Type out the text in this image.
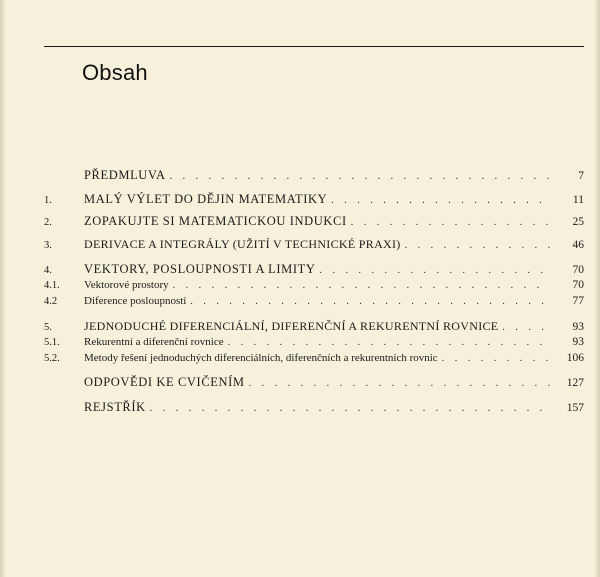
Obsah
PŘEDMLUVA . . .	7
1.	MALÝ VÝLET DO DĚJIN MATEMATIKY . . .	11
2.	ZOPAKUJTE SI MATEMATICKOU INDUKCI . . .	25
3.	DERIVACE A INTEGRÁLY (UŽITÍ V TECHNICKÉ PRAXI) . . .	46
4.	VEKTORY, POSLOUPNOSTI A LIMITY . . .	70
4.1.	Vektorové prostory . . .	70
4.2	Diference posloupností . . .	77
5.	JEDNODUCHÉ DIFERENCIÁLNÍ, DIFERENČNÍ A REKURENTNÍ ROVNICE . . .	93
5.1.	Rekurentní a diferenční rovnice . . .	93
5.2.	Metody řešení jednoduchých diferenciálních, diferenčních a rekurentních rovnic . . .	106
ODPOVĚDI KE CVIČENÍM . . .	127
REJSTŘÍK . . .	157
